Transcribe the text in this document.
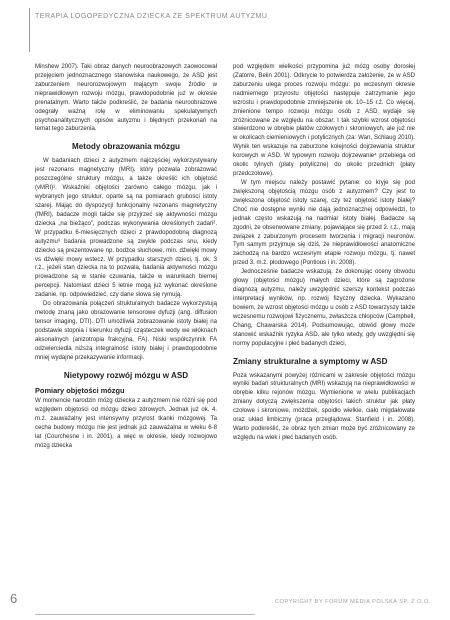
TERAPIA LOGOPEDYCZNA DZIECKA ZE SPEKTRUM AUTYZMU

Minshew 2007). Taki obraz danych neuroobrazowych zaowocował przejęciem jednoznacznego stanowiska naukowego, że ASD jest zaburzeniem neurorozwojowym mającym swoje źródło w nieprawidłowym rozwoju mózgu, prawdopodobnie już w okresie prenatalnym. Warto także podkreślić, że badania neuroobrazowe odegrały ważną rolę w eliminowaniu spekulatywnych psychoanalitycznych opisów autyzmu i błędnych przekonań na temat tego zaburzenia.

Metody obrazowania mózgu

W badaniach dzieci z autyzmem najczęściej wykorzystywany jest rezonans magnetyczny (MRI), który pozwala zobrazować poszczególne struktury mózgu, a także określić ich objętość (vMRI)¹. Wskaźniki objętości zarówno całego mózgu, jak i wybranych jego struktur, oparte są na pomiarach grubości istoty szarej. Mając do dyspozycji funkcjonalny rezonans magnetyczny (fMRI), badacze mogli także się przyjrzeć się aktywności mózgu dziecka „na bieżąco”, podczas wykonywania określonych zadań². W przypadku 6-miesięcznych dzieci z prawdopodobną diagnozą autyzmu³ badania prowadzone są zwykle podczas snu, kiedy dziecko są prezentowane np. bodźce słuchowe, min. dźwięki mowy vs dźwięki mowy wstecz. W przypadku starszych dzieci, tj. ok. 3 r.ż., jeżeli stan dziecka na to pozwala, badania aktywności mózgu prowadzone są w stanie czuwania, także w warunkach biernej percepcji. Natomiast dzieci 5 letnie mogą już wykonać określone zadanie, np. odpowiedzieć, czy dane słowa się rymują.

Do obrazowania połączeń strukturalnych badacze wykorzystują metodę znaną jako obrazowanie tensorowe dyfuzji (ang. diffusion tensor imaging, DTI). DTI umożliwia zobrazowanie istoty białej na podstawie stopnia i kierunku dyfuzji cząsteczek wody we włóknach aksonalnych (anizotropia frakcyjna, FA). Niski współczynnik FA odzwierciedla niższą integralność istoty białej i prawdopodobnie mniej wydajne przekazywanie informacji.

Nietypowy rozwój mózgu w ASD
Pomiary objętości mózgu

W momencie narodzin mózg dziecka z autyzmem nie różni się pod względem objętości od mózgu dzieci zdrowych. Jednak już ok. 4. m.ż. zauważalny jest intensywny przyrost tkanki mózgowej. Ta cecha budowy mózgu nie jest jednak już zauważalna w wieku 6-8 lat (Courchesne i in. 2001), a więc w okresie, kiedy rozwojowo mózg dziecka

pod względem wielkości przypomina już mózg osoby dorosłej (Zatorre, Belin 2001). Odkrycie to potwierdza założenie, że w ASD zaburzeniu ulega proces rozwoju mózgu: po wczesnym okresie nadmiernego przyrostu objętości następuje zatrzymanie jego wzrostu i prawdopodobnie zmniejszenie ok. 10–15 r.ż. Co więcej, zmienione tempo rozwoju mózgu osób z ASD wydaje się zróżnicowane ze względu na obszar. I tak szybki wzrost objętości stwierdzono w obrębie płatów czołowych i skroniowych, ale już nie w okolicach ciemieniowych i potylicznych (za: Wan, Schlaug 2010). Wynik ten wskazuje na zaburzone kolejności dojrzewania struktur korowych w ASD. W typowym rozwoju dojrzewanie⁴ przebiega od okolic tylnych (płaty potyliczne) do okolic przednich (płaty przedczołowe).

W tym miejscu należy postawić pytanie: co kryje się pod zwiększoną objętością mózgu osób z autyzmem? Czy jest to zwiększona objętość istoty szarej, czy też objętość istoty białej? Choć nie dostępne wyniki nie dają jednoznacznej odpowiedzi, to jednak często wskazują na nadmiar istoty białej. Badacze są zgodni, że obserwowane zmiany, pojawiające się przed 2. r.ż., mają związek z zaburzonym procesem tworzenia i migracji neuronów. Tym samym przyjmuje się dziś, że nieprawidłowości anatomiczne zachodzą na bardzo wczesnym etapie rozwoju mózgu, tj. nawet przed 3. m.ż. płodowego (Pontious i in. 2008).

Jednocześnie badacze wskazują, że dokonując oceny obwodu głowy (objętości mózgu) małych dzieci, które są zagrożone diagnozą autyzmu, należy uwzględnić szerszy kontekst podczas interpretacji wyników, np. rozwój fizyczny dziecka. Wykazano bowiem, że wzrost objętości mózgu u osób z ASD towarzyszy także wczesnemu rozwojowi fizycznemu, zwłaszcza chłopców (Campbell, Chang, Chawarska 2014). Podsumowując, obwód głowy może stanowić wskaźnik ryzyka ASD, ale tylko wtedy, gdy uwzględni się normy populacyjne i płeć badanych dzieci.

Zmiany strukturalne a symptomy w ASD

Poza wskazanymi powyżej różnicami w zakresie objętości mózgu wyniki badań strukturalnych (MRI) wskazują na nieprawidłowości w obrębie kilku rejonów mózgu. Wymienione w wielu publikacjach zmiany dotyczą zwiększenia objętości takich struktur jak płaty czołowe i skroniowe, móżdżek, spoidło wielkie, ciało migdałowate oraz układ limbiczny (praca przeglądowa: Stanfield i in. 2008). Warto podkreślić, że obraz tych zmian może być zróżnicowany ze względu na wiek i płeć badanych osób.

6	COPYRIGHT BY FORUM MEDIA POLSKA SP. Z O.O.
